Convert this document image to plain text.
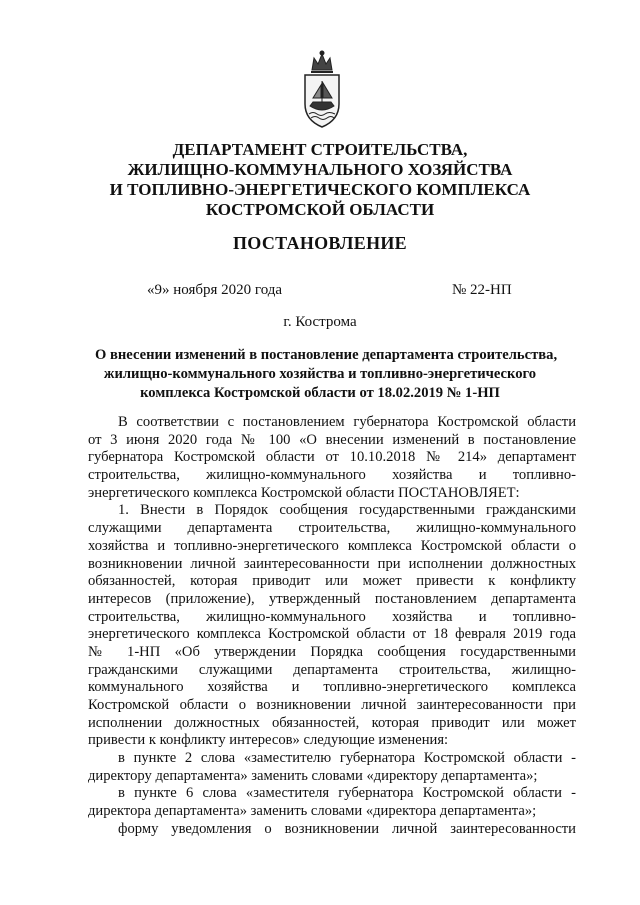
ДЕПАРТАМЕНТ СТРОИТЕЛЬСТВА,
ЖИЛИЩНО-КОММУНАЛЬНОГО ХОЗЯЙСТВА
И ТОПЛИВНО-ЭНЕРГЕТИЧЕСКОГО КОМПЛЕКСА
КОСТРОМСКОЙ ОБЛАСТИ
ПОСТАНОВЛЕНИЕ
«9» ноября 2020 года	№ 22-НП
г. Кострома
О внесении изменений в постановление департамента строительства,
жилищно-коммунального хозяйства и топливно-энергетического
комплекса Костромской области от 18.02.2019 № 1-НП
В соответствии с постановлением губернатора Костромской области
от 3 июня 2020 года № 100 «О внесении изменений в постановление
губернатора Костромской области от 10.10.2018 № 214» департамент
строительства, жилищно-коммунального хозяйства и топливно-
энергетического комплекса Костромской области ПОСТАНОВЛЯЕТ:
1. Внести в Порядок сообщения государственными гражданскими
служащими департамента строительства, жилищно-коммунального
хозяйства и топливно-энергетического комплекса Костромской области о
возникновении личной заинтересованности при исполнении должностных
обязанностей, которая приводит или может привести к конфликту
интересов (приложение), утвержденный постановлением департамента
строительства, жилищно-коммунального хозяйства и топливно-
энергетического комплекса Костромской области от 18 февраля 2019 года
№ 1-НП «Об утверждении Порядка сообщения государственными
гражданскими служащими департамента строительства, жилищно-
коммунального хозяйства и топливно-энергетического комплекса
Костромской области о возникновении личной заинтересованности при
исполнении должностных обязанностей, которая приводит или может
привести к конфликту интересов» следующие изменения:
в пункте 2 слова «заместителю губернатора Костромской области -
директору департамента» заменить словами «директору департамента»;
в пункте 6 слова «заместителя губернатора Костромской области -
директора департамента» заменить словами «директора департамента»;
форму уведомления о возникновении личной заинтересованности
